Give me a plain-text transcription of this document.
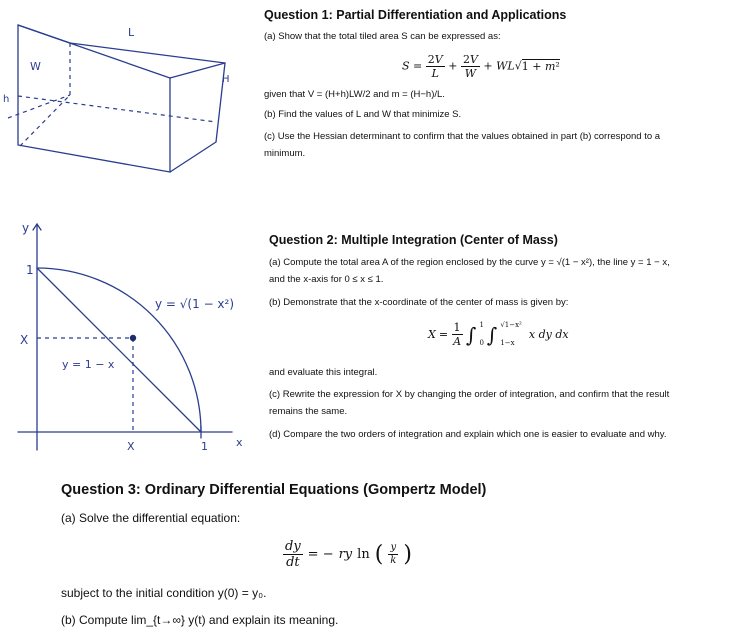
L
W
H
h
Question 1: Partial Differentiation and Applications
(a) Show that the total tiled area S can be expressed as:
$S = \frac{2V}{L} + \frac{2V}{W} + WL√1 + m^2$
given that V = (H+h)LW/2 and m = (H−h)/L.
(b) Find the values of L and W that minimize S.
(c) Use the Hessian determinant to confirm that the values obtained in part (b) correspond to a
minimum.
y
x
1
1
X
X
y = √(1 − x²)
y = 1 − x
Question 2: Multiple Integration (Center of Mass)
(a) Compute the total area A of the region enclosed by the curve y = √(1 − x²), the line y = 1 − x,
and the x-axis for 0 ≤ x ≤ 1.
(b) Demonstrate that the x-coordinate of the center of mass is given by:
$X = \frac{1}{A}$ ∫ 1
0 ∫ √1−x²
1−x
x dy dx
and evaluate this integral.
(c) Rewrite the expression for X by changing the order of integration, and confirm that the result
remains the same.
(d) Compare the two orders of integration and explain which one is easier to evaluate and why.
Question 3: Ordinary Differential Equations (Gompertz Model)
(a) Solve the differential equation:
$\frac{dy}{dt}$ = − ry ln ( $\frac{y}{k}$ )
subject to the initial condition y(0) = y₀.
(b) Compute lim_{t→∞} y(t) and explain its meaning.
